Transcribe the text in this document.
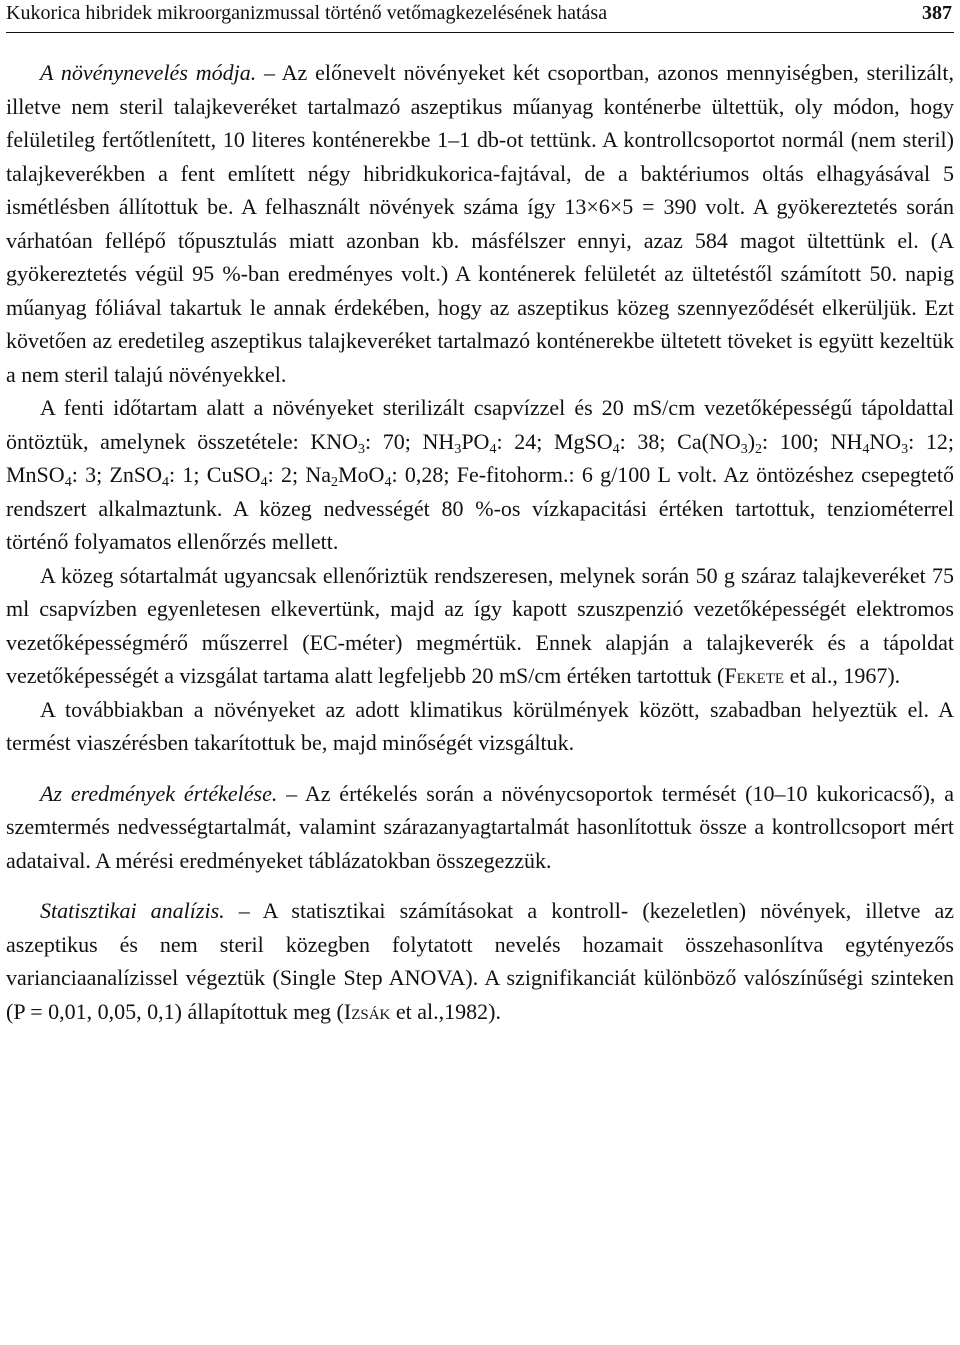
Kukorica hibridek mikroorganizmussal történő vetőmagkezelésének hatása	387

A növénynevelés módja. – Az előnevelt növényeket két csoportban, azonos mennyiségben, sterilizált, illetve nem steril talajkeveréket tartalmazó aszeptikus műanyag konténerbe ültettük, oly módon, hogy felületileg fertőtlenített, 10 literes konténerekbe 1–1 db-ot tettünk. A kontrollcsoportot normál (nem steril) talajkeverékben a fent említett négy hibridkukorica-fajtával, de a baktériumos oltás elhagyásával 5 ismétlésben állítottuk be. A felhasznált növények száma így 13×6×5 = 390 volt. A gyökereztetés során várhatóan fellépő tőpusztulás miatt azonban kb. másfélszer ennyi, azaz 584 magot ültettünk el. (A gyökereztetés végül 95 %-ban eredményes volt.) A konténerek felületét az ültetéstől számított 50. napig műanyag fóliával takartuk le annak érdekében, hogy az aszeptikus közeg szennyeződését elkerüljük. Ezt követően az eredetileg aszeptikus talajkeveréket tartalmazó konténerekbe ültetett töveket is együtt kezeltük a nem steril talajú növényekkel.

A fenti időtartam alatt a növényeket sterilizált csapvízzel és 20 mS/cm vezetőképességű tápoldattal öntöztük, amelynek összetétele: $KNO_3$: 70; $NH_3PO_4$: 24; MgSO$_4$: 38; $Ca(NO_3)_2$: 100; $NH_4NO_3$: 12; MnSO$_4$: 3; ZnSO$_4$: 1; CuSO$_4$: 2; $Na_2MoO_4$: 0,28; Fe-fitohorm.: 6 g/100 L volt. Az öntözéshez csepegtető rendszert alkalmaztunk. A közeg nedvességét 80 %-os vízkapacitási értéken tartottuk, tenziométerrel történő folyamatos ellenőrzés mellett.

A közeg sótartalmát ugyancsak ellenőriztük rendszeresen, melynek során 50 g száraz talajkeveréket 75 ml csapvízben egyenletesen elkevertünk, majd az így kapott szuszpenzió vezetőképességét elektromos vezetőképességmérő műszerrel (EC-méter) megmértük. Ennek alapján a talajkeverék és a tápoldat vezetőképességét a vizsgálat tartama alatt legfeljebb 20 mS/cm értéken tartottuk (Fekete et al., 1967).

A továbbiakban a növényeket az adott klimatikus körülmények között, szabadban helyeztük el. A termést viaszérésben takarítottuk be, majd minőségét vizsgáltuk.

Az eredmények értékelése. – Az értékelés során a növénycsoportok termését (10–10 kukoricacső), a szemtermés nedvességtartalmát, valamint szárazanyagtartalmát hasonlítottuk össze a kontrollcsoport mért adataival. A mérési eredményeket táblázatokban összegezzük.

Statisztikai analízis. – A statisztikai számításokat a kontroll- (kezeletlen) növények, illetve az aszeptikus és nem steril közegben folytatott nevelés hozamait összehasonlítva egytényezős varianciaanalízissel végeztük (Single Step ANOVA). A szignifikanciát különböző valószínűségi szinteken (P = 0,01, 0,05, 0,1) állapítottuk meg (Izsák et al.,1982).
